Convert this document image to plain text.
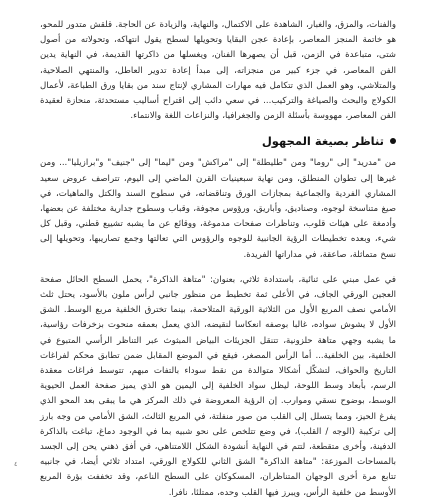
والفنات، والمزق، والغبار، الشاهدة على الاكتمال، والنهاية، والزيادة عن الحاجة. قلقش متدور للمحو، هو خاتمة المنجز المعاصر، بإعادة عجن البقايا وتحويلها لسطح يقول انتهاكه، وتحولاته من أصول شتى، متباعدة في الزمن، قبل أن يصهرها الفنان، ويغسلها من ذاكرتها القديمة، في النهاية يدين الفن المعاصر، في جزء كبير من منجزاته، إلى مبدأ إعادة تدوير العاطل، والمنتهي الصلاحية، والمتلاشي، وهو العمل الذي تتكامل فيه مهارات المشاري لإنتاج سند من بقايا ورق الطباعة، لأعمال الكولاج والبحث والصياغة والتركيب... في سعي دائب إلى اقتراح أساليب مستحدثة، منحازة لعقيدة الفن المعاصر، مهووسة بأسئلة الزمن والجغرافيا، والنزاعات اللغة والانتماء.

تناظر بصيغة المجهول

من "مدريد" إلى "روما" ومن "طليطلة" إلى "مراكش" ومن "ليما" إلى "جنيف" و"برازيليا"... ومن غيرها إلى تطوان المنطلق، ومن نهاية سبعينيات القرن الماضي إلى اليوم، تتراصف عروض سعيد المشاري الفردية والجماعية بمجازات الورق وتناقضاته، في سطوح السند والكتل والماهيات، في صيغ متناسخة لوجوه، وصناديق، وأباريق، ورؤوس مجوفة، وقباب وسطوح جدارية مختلفة عن بعضها، وأدمغة على هيئات قلوب، وتناظرات صفحات مدموغة، ووقائع عن ما يشبه تشييع قطني، وقبل كل شيء، وبعده تخطيطات الرؤية الجانبية للوجوه والرؤوس التي تعالتها وجمع تصاريبها، وتحويلها إلى نسخ متماثلة، صاعقة، في مداراتها الفريدة.

في عمل مبني على ثنائية، باستدادة ثلاثي، بعنوان: "متاهة الذاكرة"، يحمل السطح الحائل صفحة العجين الورقي الجاف، في الأعلى ثمة تخطيط من منظور جانبي لرأس ملون بالأسود، يحتل ثلث الأمامي نصف المربع الأول من الثلاثية الورقية المتلاحمة، بينما تخترق الخلفية مربع الوسط. الشق الأول لا يشوش سواده، غالبا بوصفه انعكاسا لنقيضه، الذي يعمل بعمقه منحوت بزخرفات رؤاسية، ما يشبه وجهي متاهة حلزونية، تتنقل الجزيئات البياض المبثوث عبر التناظر الرأسي المتبوع في الخلفية، بين الخلفية... أما الرأس المصغر، فيقع في الموضع المقابل ضمن تطابق محكم لفراغات التاريخ والحواف، لتشكّل أشكالا متوالدة من نقط سوداء بالتفات مبهم، تتوسط فراغات معقدة الرسم، بأبعاد وسط اللوحة، ليظل سواد الخلفية إلى اليمين هو الذي يميز صفحة العمل الحيوية الوسط، بوضوح نسقي وموارب. إن الرؤية المعروضة في ذلك المركز هي ما يبقى بعد المحو الذي يفرغ الحيز، ومما يتسلل إلى القلب من صور منفلتة، في المربع الثالث، الشق الأمامي من وجه بارز إلى تركيبة (الوجه / القلب)، في وضع تتلخص على نحو شبيه بما في الوجود دماغ، تباغت بالذاكرة الدفينة، وأخرى متقطعة، لتتم في النهاية أنشودة الشكل اللامتناهي، في أفق ذهني يحن إلى الجسد بالمساحات الموزعة: "متاهة الذاكرة" الشق الثاني للكولاج الورقي، امتداد ثلاثي أيضا، في جانبيه تتابع مرة أخرى الوجهان المتناظران، المسكوكان على السطح الناعم، وقد تخففت بؤرة المربع الأوسط من خلفية الرأس، ويبرز فيها القلب وحده، ممتلئا، نافرا.

٤
